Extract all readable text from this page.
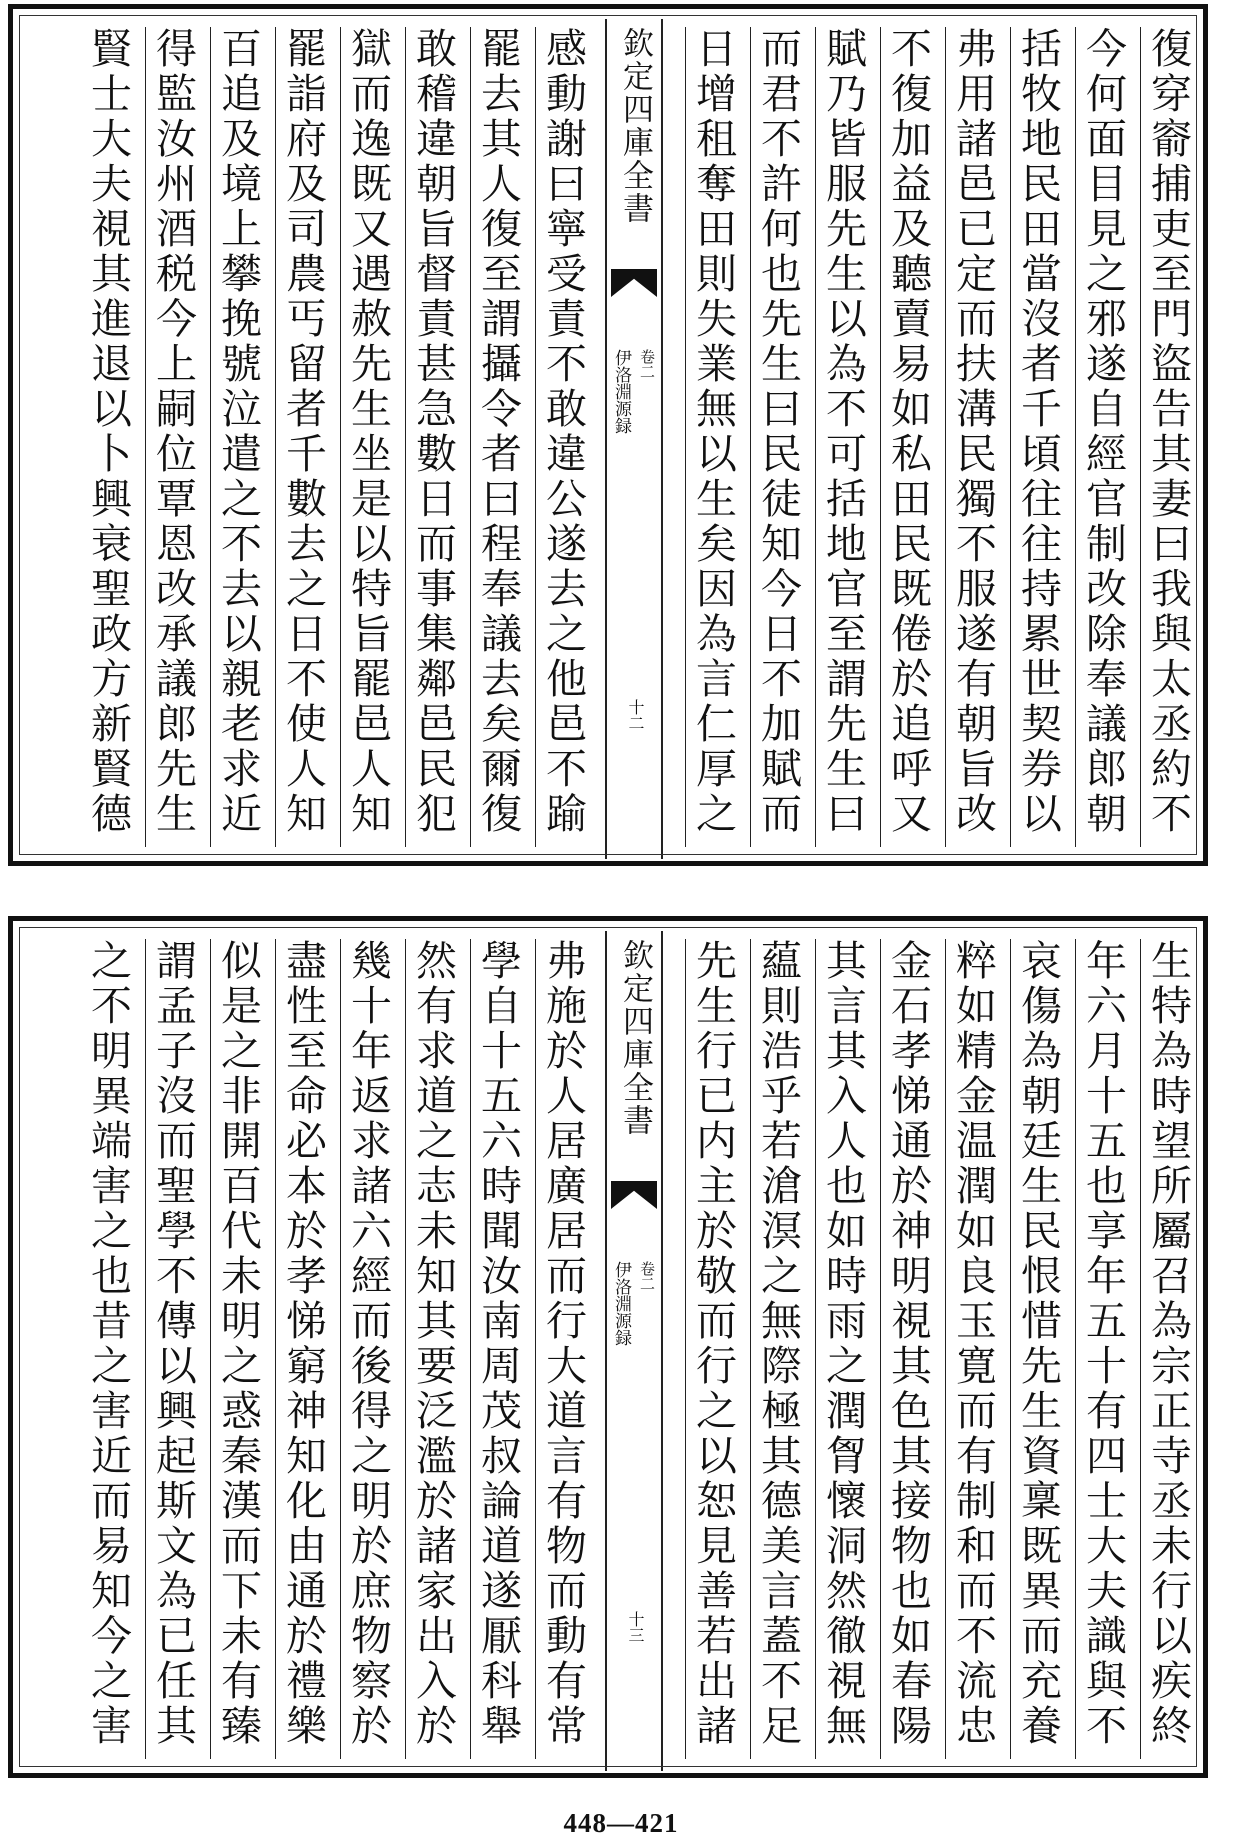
復穿窬捕吏至門盜告其妻曰我與太丞約不
今何面目見之邪遂自經官制改除奉議郎朝
括牧地民田當沒者千頃往往持累世契券以
弗用諸邑已定而扶溝民獨不服遂有朝旨改
不復加益及聽賣易如私田民既倦於追呼又
賦乃皆服先生以為不可括地官至謂先生曰
而君不許何也先生曰民徒知今日不加賦而
日增租奪田則失業無以生矣因為言仁厚之
欽定四庫全書
伊洛淵源録 卷二
十二
感動謝曰寧受責不敢違公遂去之他邑不踰
罷去其人復至謂攝令者曰程奉議去矣爾復
敢稽違朝旨督責甚急數日而事集鄰邑民犯
獄而逸既又遇赦先生坐是以特旨罷邑人知
罷詣府及司農丐留者千數去之日不使人知
百追及境上攀挽號泣遣之不去以親老求近
得監汝州酒税今上嗣位覃恩改承議郎先生
賢士大夫視其進退以卜興衰聖政方新賢德
生特為時望所屬召為宗正寺丞未行以疾終
年六月十五也享年五十有四士大夫識與不
哀傷為朝廷生民恨惜先生資稟既異而充養
粹如精金温潤如良玉寛而有制和而不流忠
金石孝悌通於神明視其色其接物也如春陽
其言其入人也如時雨之潤胷懷洞然徹視無
藴則浩乎若滄溟之無際極其德美言蓋不足
先生行已内主於敬而行之以恕見善若出諸
欽定四庫全書
伊洛淵源録 卷二
十三
弗施於人居廣居而行大道言有物而動有常
學自十五六時聞汝南周茂叔論道遂厭科舉
然有求道之志未知其要泛濫於諸家出入於
幾十年返求諸六經而後得之明於庶物察於
盡性至命必本於孝悌窮神知化由通於禮樂
似是之非開百代未明之惑秦漢而下未有臻
謂孟子沒而聖學不傳以興起斯文為已任其
之不明異端害之也昔之害近而易知今之害
448—421
